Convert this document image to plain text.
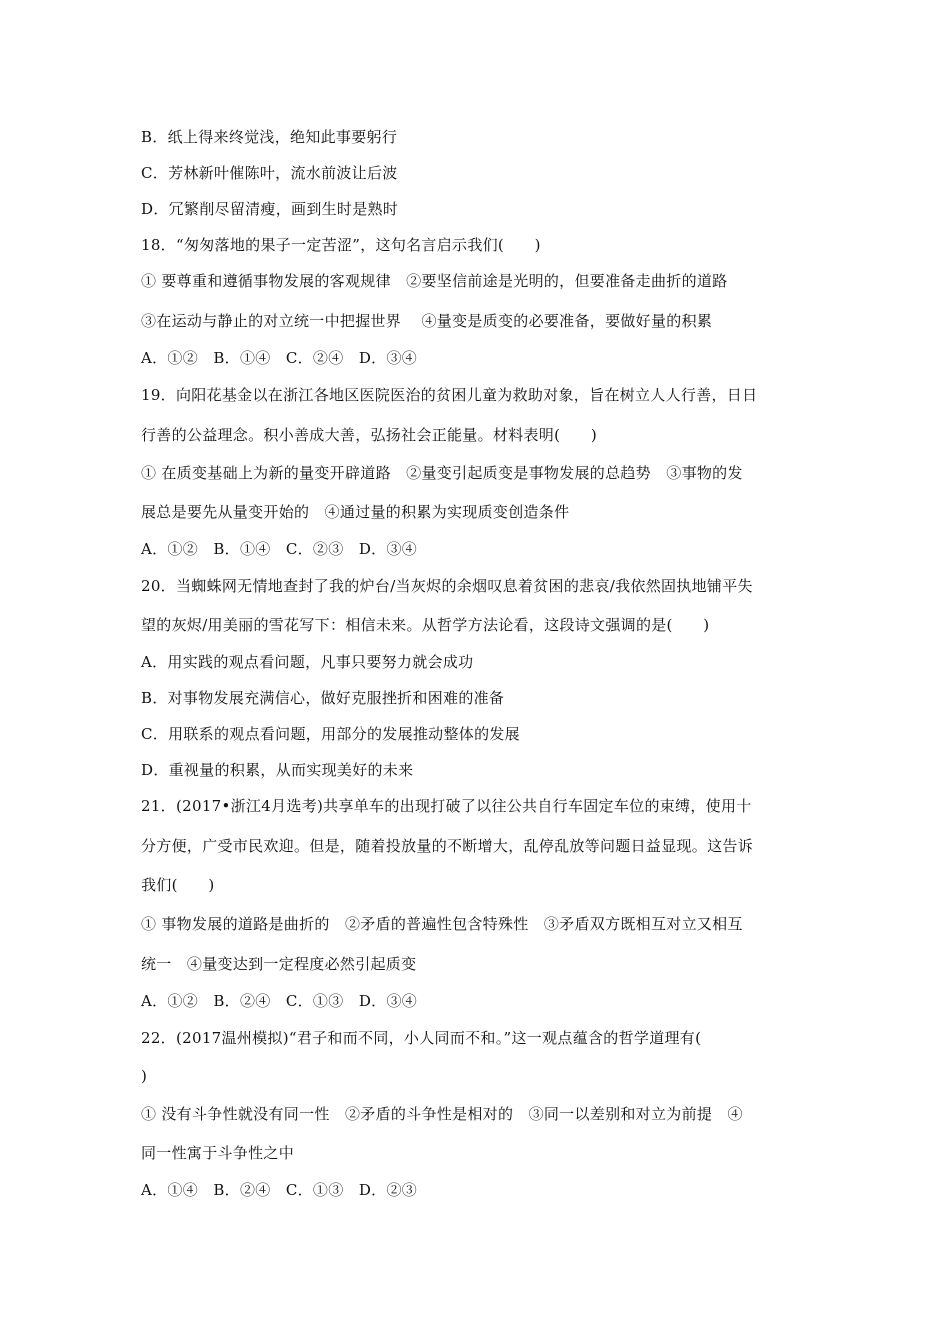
B．纸上得来终觉浅，绝知此事要躬行
C．芳林新叶催陈叶，流水前波让后波
D．冗繁削尽留清瘦，画到生时是熟时
18．“匆匆落地的果子一定苦涩”，这句名言启示我们(　　)
① 要尊重和遵循事物发展的客观规律　②要坚信前途是光明的，但要准备走曲折的道路
③在运动与静止的对立统一中把握世界　 ④量变是质变的必要准备，要做好量的积累
A．①②　B．①④　C．②④　D．③④
19．向阳花基金以在浙江各地区医院医治的贫困儿童为救助对象，旨在树立人人行善，日日
行善的公益理念。积小善成大善，弘扬社会正能量。材料表明(　　)
① 在质变基础上为新的量变开辟道路　②量变引起质变是事物发展的总趋势　③事物的发
展总是要先从量变开始的　④通过量的积累为实现质变创造条件
A．①②　B．①④　C．②③　D．③④
20．当蜘蛛网无情地查封了我的炉台/当灰烬的余烟叹息着贫困的悲哀/我依然固执地铺平失
望的灰烬/用美丽的雪花写下：相信未来。从哲学方法论看，这段诗文强调的是(　　)
A．用实践的观点看问题，凡事只要努力就会成功
B．对事物发展充满信心，做好克服挫折和困难的准备
C．用联系的观点看问题，用部分的发展推动整体的发展
D．重视量的积累，从而实现美好的未来
21．(2017•浙江4月选考)共享单车的出现打破了以往公共自行车固定车位的束缚，使用十
分方便，广受市民欢迎。但是，随着投放量的不断增大，乱停乱放等问题日益显现。这告诉
我们(　　)
① 事物发展的道路是曲折的　②矛盾的普遍性包含特殊性　③矛盾双方既相互对立又相互
统一　④量变达到一定程度必然引起质变
A．①②　B．②④　C．①③　D．③④
22．(2017温州模拟)“君子和而不同，小人同而不和。”这一观点蕴含的哲学道理有(
)
① 没有斗争性就没有同一性　②矛盾的斗争性是相对的　③同一以差别和对立为前提　④
同一性寓于斗争性之中
A．①④　B．②④　C．①③　D．②③
